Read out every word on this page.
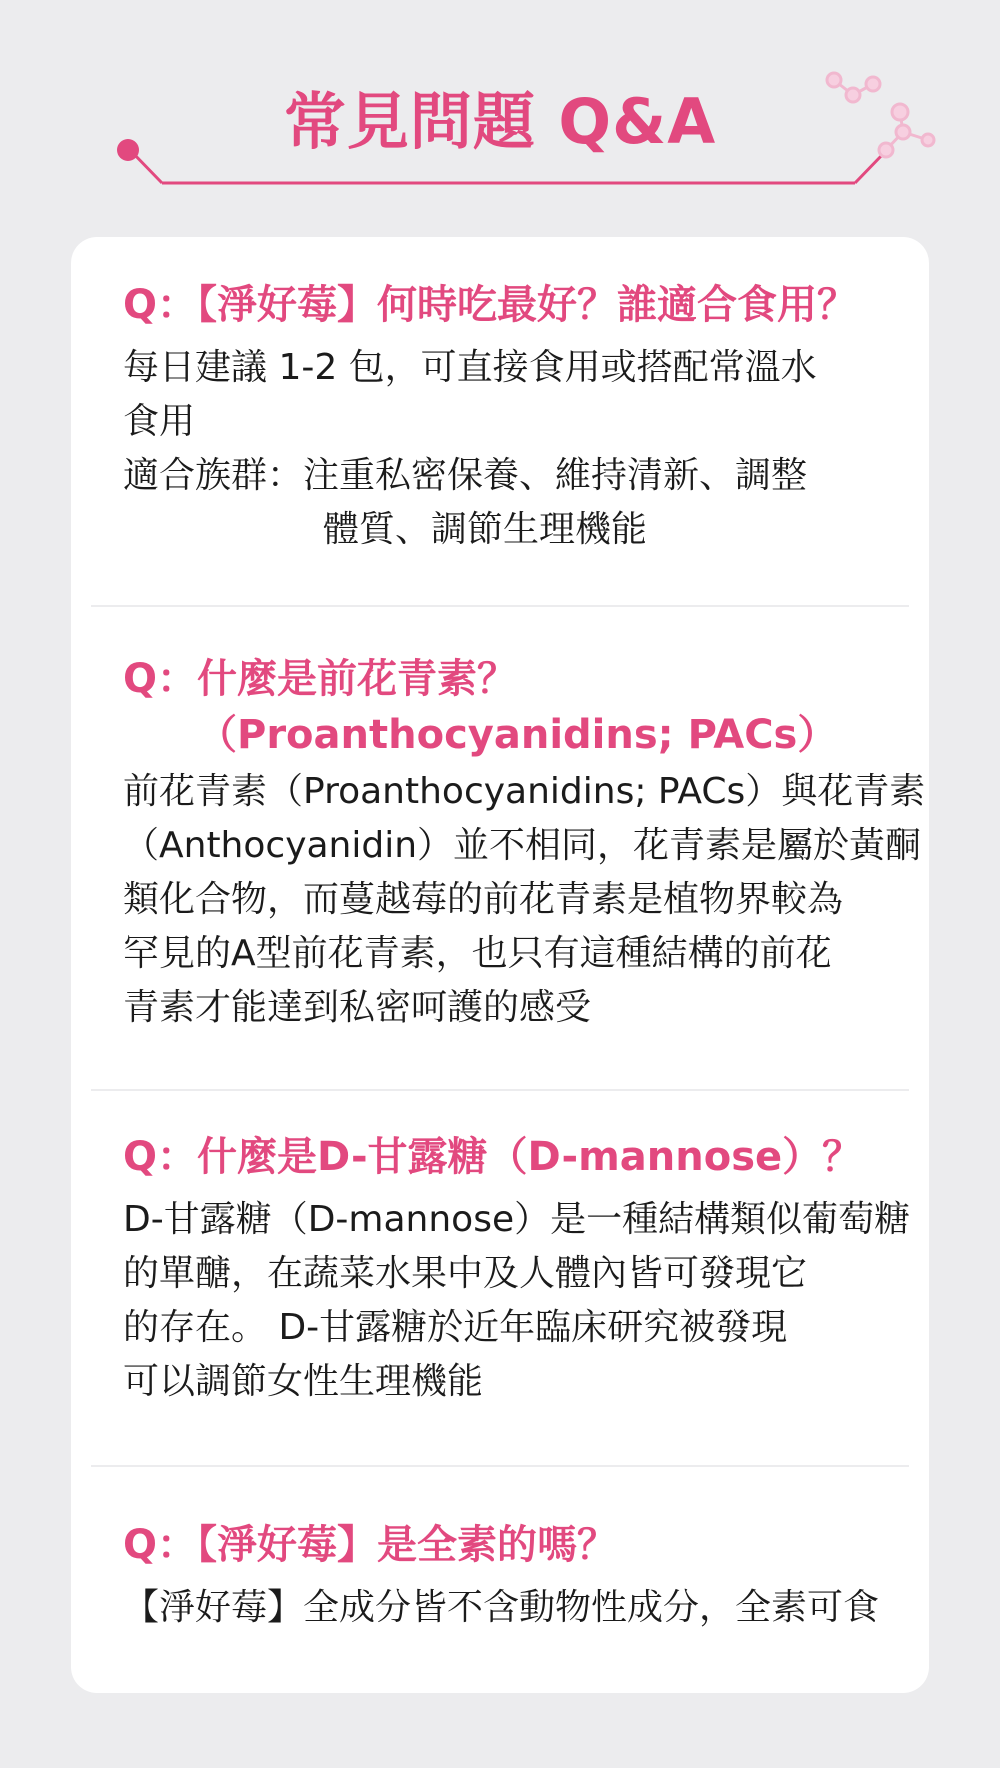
常見問題 Q&A

Q：【淨好莓】何時吃最好？誰適合食用？

每日建議 1-2 包，可直接食用或搭配常溫水
食用
適合族群：注重私密保養、維持清新、調整
體質、調節生理機能

Q：什麼是前花青素？
（Proanthocyanidins; PACs）

前花青素（Proanthocyanidins; PACs）與花青素
（Anthocyanidin）並不相同，花青素是屬於黃酮
類化合物，而蔓越莓的前花青素是植物界較為
罕見的A型前花青素，也只有這種結構的前花
青素才能達到私密呵護的感受

Q：什麼是D-甘露糖（D-mannose）？

D-甘露糖（D-mannose）是一種結構類似葡萄糖
的單醣，在蔬菜水果中及人體內皆可發現它
的存在。 D-甘露糖於近年臨床研究被發現
可以調節女性生理機能

Q：【淨好莓】是全素的嗎？

【淨好莓】全成分皆不含動物性成分，全素可食
